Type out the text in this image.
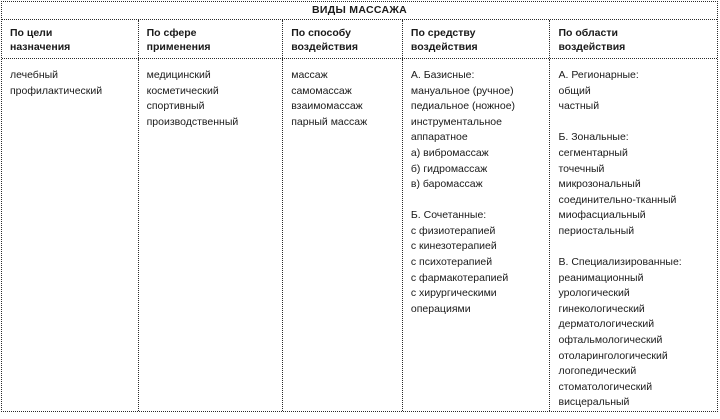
ВИДЫ МАССАЖА
По цели
назначения
По сфере
применения
По способу
воздействия
По средству
воздействия
По области
воздействия
лечебный
профилактический
медицинский
косметический
спортивный
производственный
массаж
самомассаж
взаимомассаж
парный массаж
А. Базисные:
мануальное (ручное)
педиальное (ножное)
инструментальное
аппаратное
а) вибромассаж
б) гидромассаж
в) баромассаж
Б. Сочетанные:
с физиотерапией
с кинезотерапией
с психотерапией
с фармакотерапией
с хирургическими
операциями
А. Регионарные:
общий
частный
Б. Зональные:
сегментарный
точечный
микрозональный
соединительно-тканный
миофасциальный
периостальный
В. Специализированные:
реанимационный
урологический
гинекологический
дерматологический
офтальмологический
отоларингологический
логопедический
стоматологический
висцеральный
